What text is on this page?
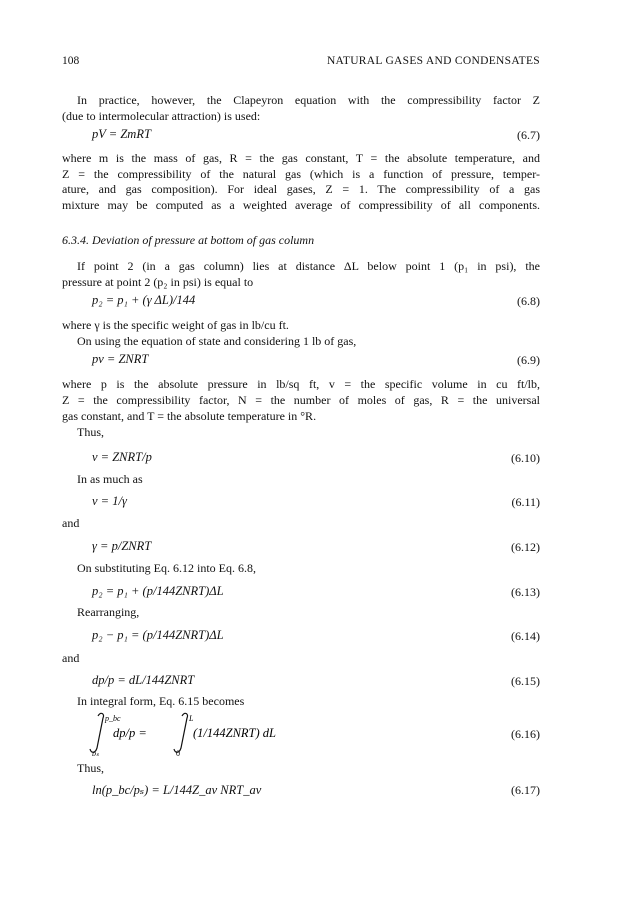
108	NATURAL GASES AND CONDENSATES
In practice, however, the Clapeyron equation with the compressibility factor Z
(due to intermolecular attraction) is used:
pV = ZmRT	(6.7)
where m is the mass of gas, R = the gas constant, T = the absolute temperature, and
Z = the compressibility of the natural gas (which is a function of pressure, temper-
ature, and gas composition). For ideal gases, Z = 1. The compressibility of a gas
mixture may be computed as a weighted average of compressibility of all components.
6.3.4. Deviation of pressure at bottom of gas column
If point 2 (in a gas column) lies at distance ΔL below point 1 (p₁ in psi), the
pressure at point 2 (p₂ in psi) is equal to
p₂ = p₁ + (γ ΔL)/144	(6.8)
where γ is the specific weight of gas in lb/cu ft.
On using the equation of state and considering 1 lb of gas,
pv = ZNRT	(6.9)
where p is the absolute pressure in lb/sq ft, v = the specific volume in cu ft/lb,
Z = the compressibility factor, N = the number of moles of gas, R = the universal
gas constant, and T = the absolute temperature in °R.
Thus,
v = ZNRT/p	(6.10)
In as much as
v = 1/γ	(6.11)
and
γ = p/ZNRT	(6.12)
On substituting Eq. 6.12 into Eq. 6.8,
p₂ = p₁ + (p/144ZNRT)ΔL	(6.13)
Rearranging,
p₂ − p₁ = (p/144ZNRT)ΔL	(6.14)
and
dp/p = dL/144ZNRT	(6.15)
In integral form, Eq. 6.15 becomes
p_bc
pₛ
dp/p =
L
0
(1/144ZNRT) dL	(6.16)
Thus,
ln(p_bc/pₛ) = L/144Z_av NRT_av	(6.17)
